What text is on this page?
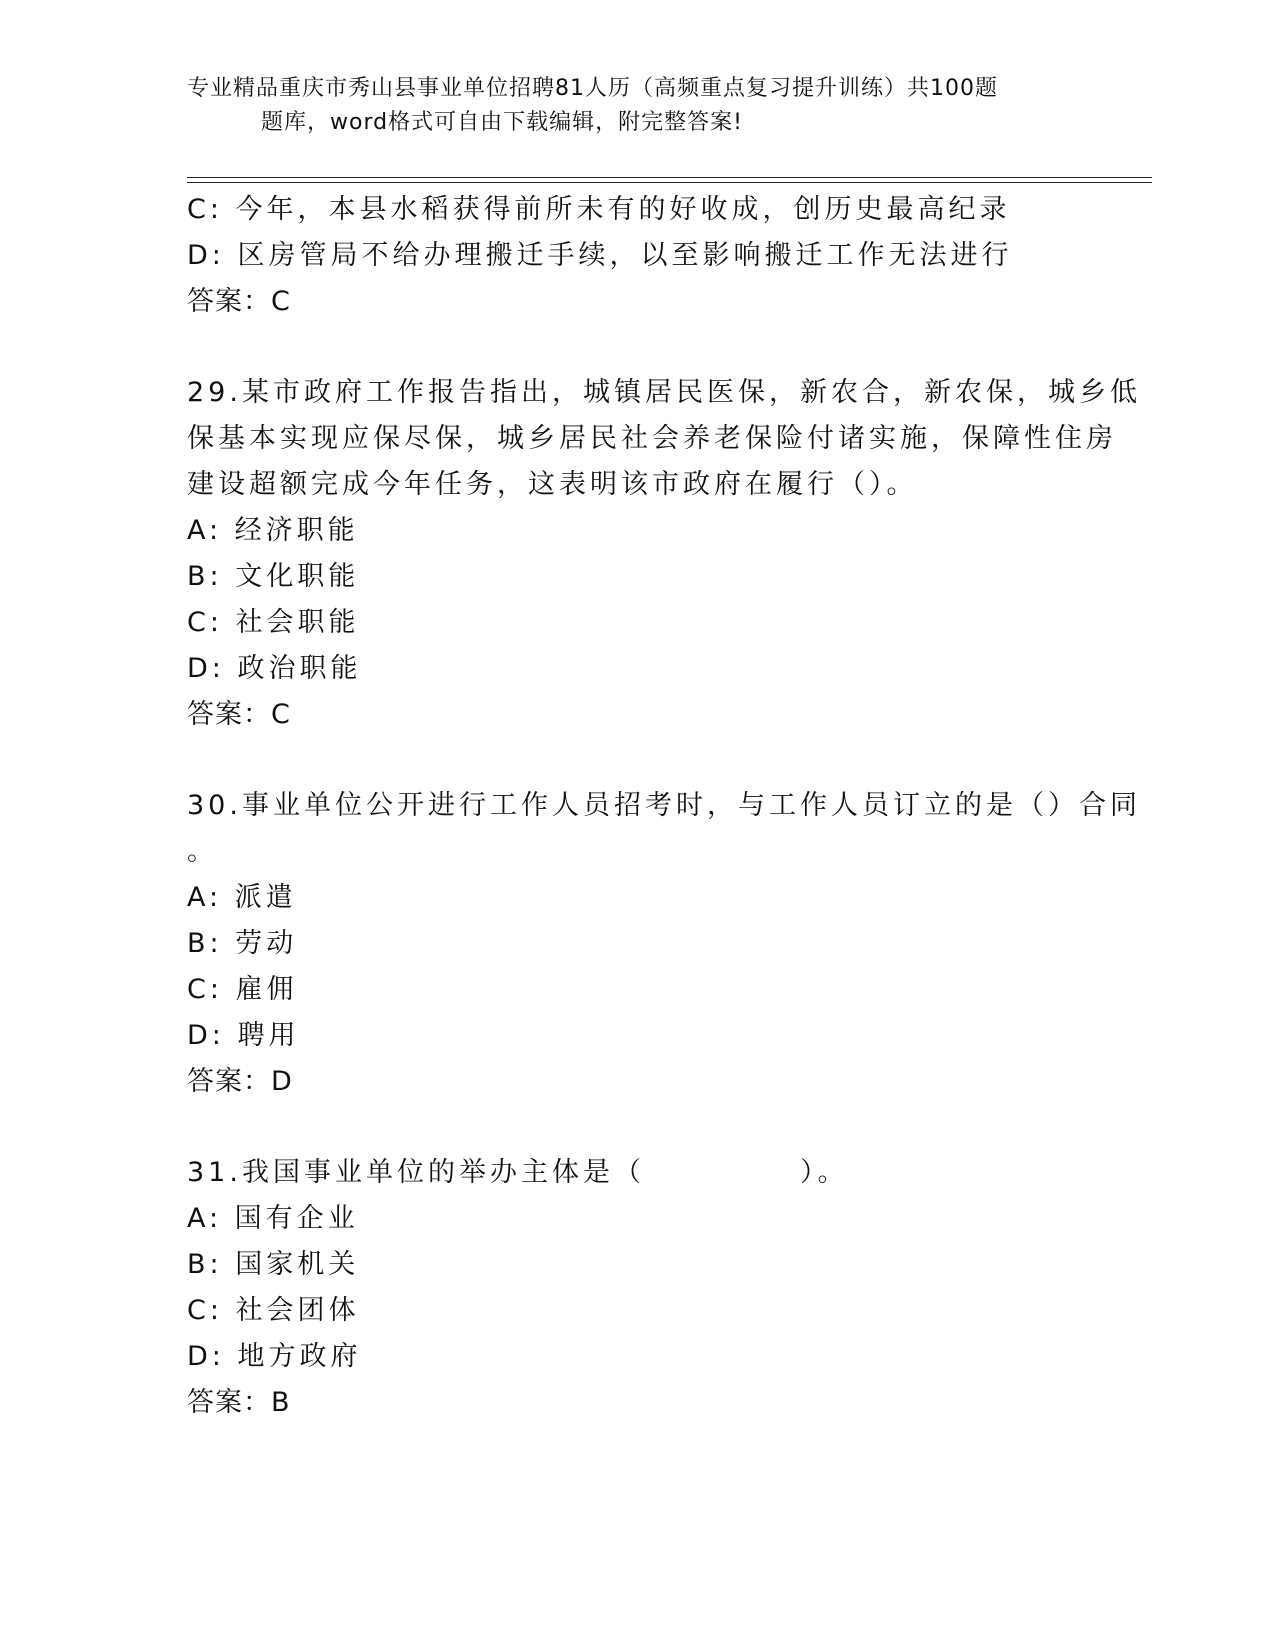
专业精品重庆市秀山县事业单位招聘81人历（高频重点复习提升训练）共100题
题库，word格式可自由下载编辑，附完整答案!
C: 今年，本县水稻获得前所未有的好收成，创历史最高纪录
D: 区房管局不给办理搬迁手续，以至影响搬迁工作无法进行
答案：C
29.某市政府工作报告指出，城镇居民医保，新农合，新农保，城乡低
保基本实现应保尽保，城乡居民社会养老保险付诸实施，保障性住房
建设超额完成今年任务，这表明该市政府在履行（）。
A: 经济职能
B: 文化职能
C: 社会职能
D: 政治职能
答案：C
30.事业单位公开进行工作人员招考时，与工作人员订立的是（）合同
。
A: 派遣
B: 劳动
C: 雇佣
D: 聘用
答案：D
31.我国事业单位的举办主体是（　　　　　）。
A: 国有企业
B: 国家机关
C: 社会团体
D: 地方政府
答案：B
